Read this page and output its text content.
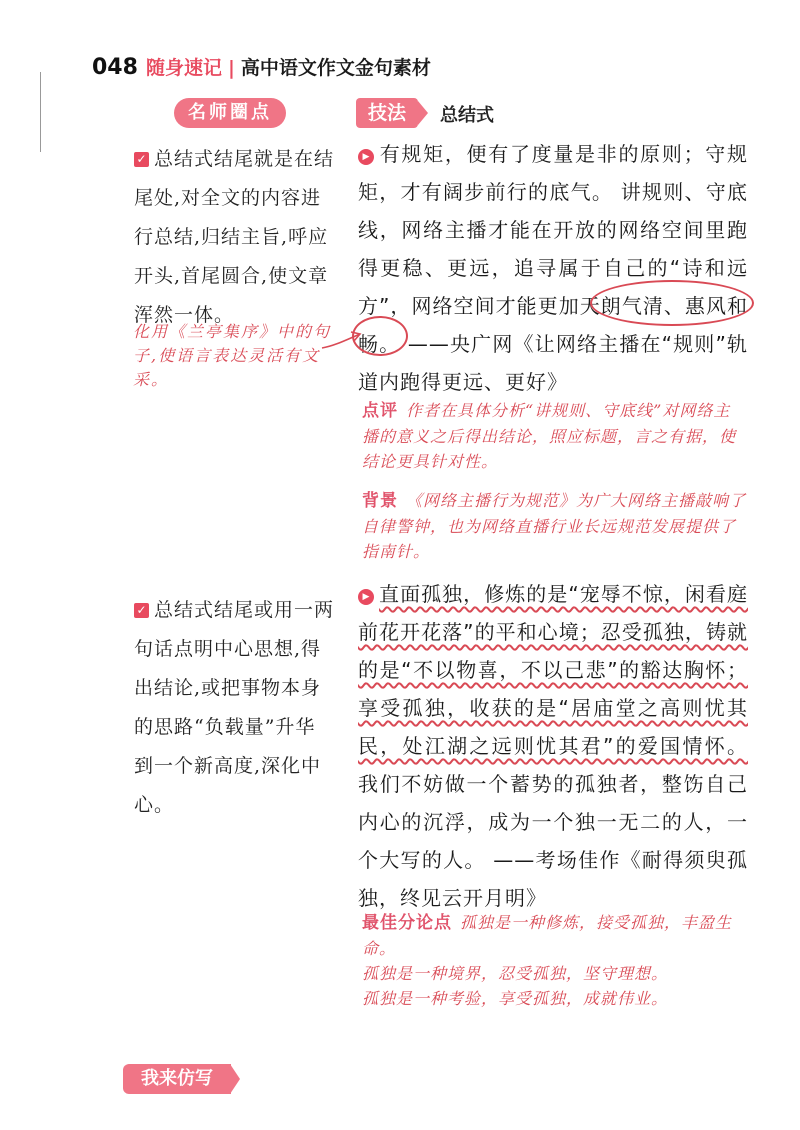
048 随身速记 | 高中语文作文金句素材
名师圈点	技法	总结式
✓ 总结式结尾就是在结尾处,对全文的内容进行总结,归结主旨,呼应开头,首尾圆合,使文章浑然一体。
化用《兰亭集序》中的句子,使语言表达灵活有文采。
✓ 总结式结尾或用一两句话点明中心思想,得出结论,或把事物本身的思路“负载量”升华到一个新高度,深化中心。
▶ 有规矩，便有了度量是非的原则；守规矩，才有阔步前行的底气。 讲规则、守底线，网络主播才能在开放的网络空间里跑得更稳、更远，追寻属于自己的“诗和远方”，网络空间才能更加天朗气清、惠风和畅。 ——央广网《让网络主播在“规则”轨道内跑得更远、更好》
点评 作者在具体分析“讲规则、守底线”对网络主播的意义之后得出结论，照应标题，言之有据，使结论更具针对性。
背景 《网络主播行为规范》为广大网络主播敲响了自律警钟，也为网络直播行业长远规范发展提供了指南针。
▶ 直面孤独，修炼的是“宠辱不惊，闲看庭前花开花落”的平和心境；忍受孤独，铸就的是“不以物喜，不以己悲”的豁达胸怀；享受孤独，收获的是“居庙堂之高则忧其民，处江湖之远则忧其君”的爱国情怀。 我们不妨做一个蓄势的孤独者，整饬自己内心的沉浮，成为一个独一无二的人，一个大写的人。 ——考场佳作《耐得须臾孤独，终见云开月明》
最佳分论点 孤独是一种修炼，接受孤独，丰盈生命。
孤独是一种境界，忍受孤独，坚守理想。
孤独是一种考验，享受孤独，成就伟业。
我来仿写
